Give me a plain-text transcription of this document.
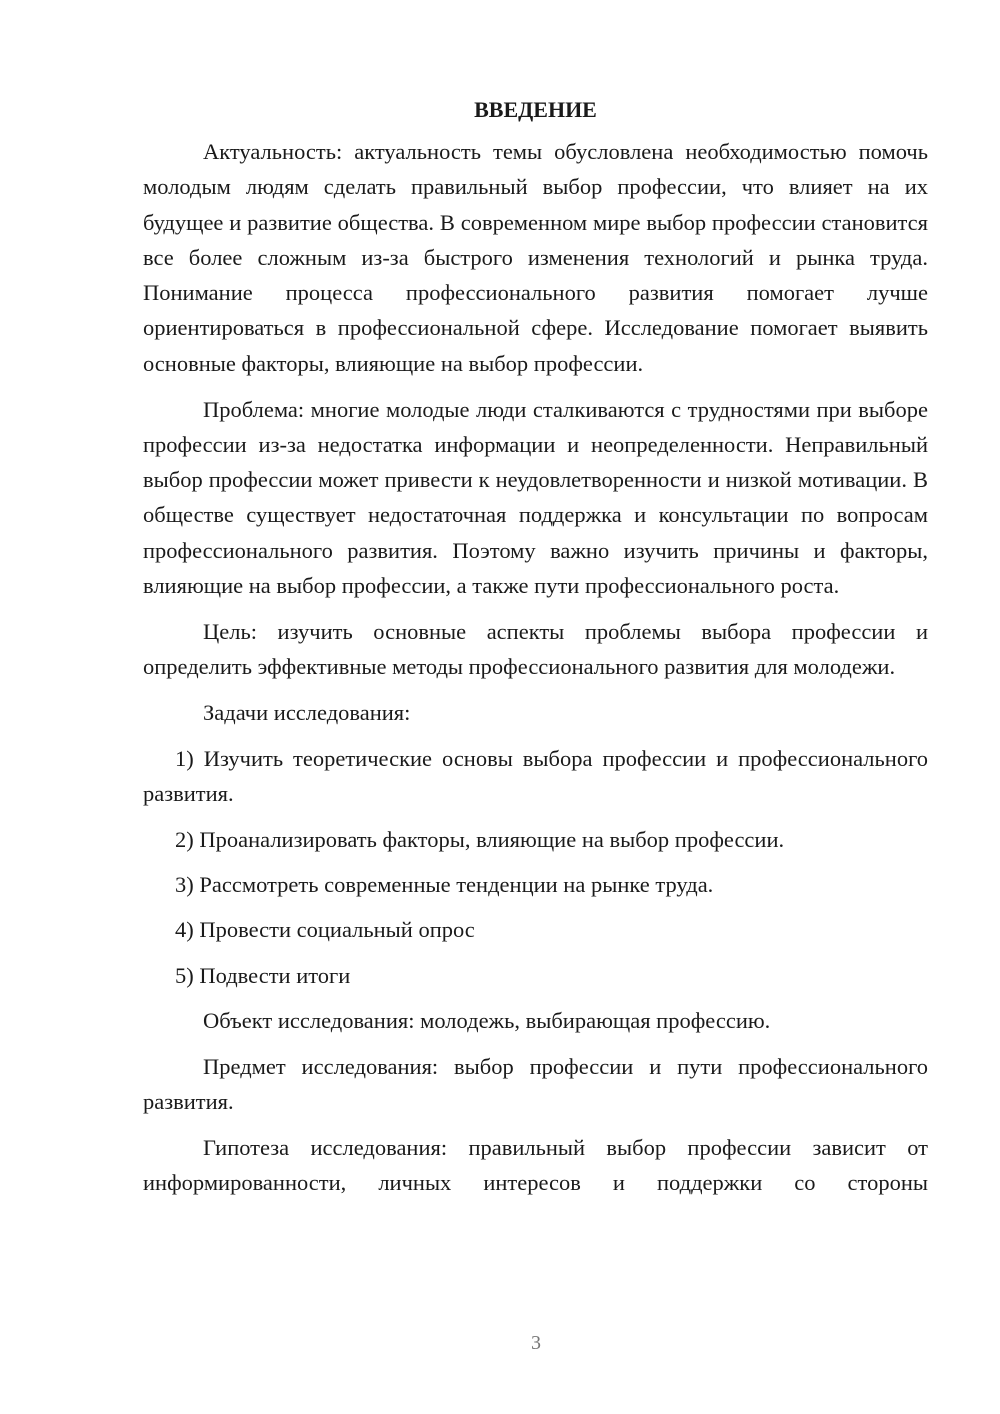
ВВЕДЕНИЕ

Актуальность: актуальность темы обусловлена необходимостью помочь молодым людям сделать правильный выбор профессии, что влияет на их будущее и развитие общества. В современном мире выбор профессии становится все более сложным из-за быстрого изменения технологий и рынка труда. Понимание процесса профессионального развития помогает лучше ориентироваться в профессиональной сфере. Исследование помогает выявить основные факторы, влияющие на выбор профессии.

Проблема: многие молодые люди сталкиваются с трудностями при выборе профессии из-за недостатка информации и неопределенности. Неправильный выбор профессии может привести к неудовлетворенности и низкой мотивации. В обществе существует недостаточная поддержка и консультации по вопросам профессионального развития. Поэтому важно изучить причины и факторы, влияющие на выбор профессии, а также пути профессионального роста.

Цель: изучить основные аспекты проблемы выбора профессии и определить эффективные методы профессионального развития для молодежи.

Задачи исследования:

1) Изучить теоретические основы выбора профессии и профессионального развития.

2) Проанализировать факторы, влияющие на выбор профессии.

3) Рассмотреть современные тенденции на рынке труда.

4) Провести социальный опрос

5) Подвести итоги

Объект исследования: молодежь, выбирающая профессию.

Предмет исследования: выбор профессии и пути профессионального развития.

Гипотеза исследования: правильный выбор профессии зависит от информированности, личных интересов и поддержки со стороны

3
